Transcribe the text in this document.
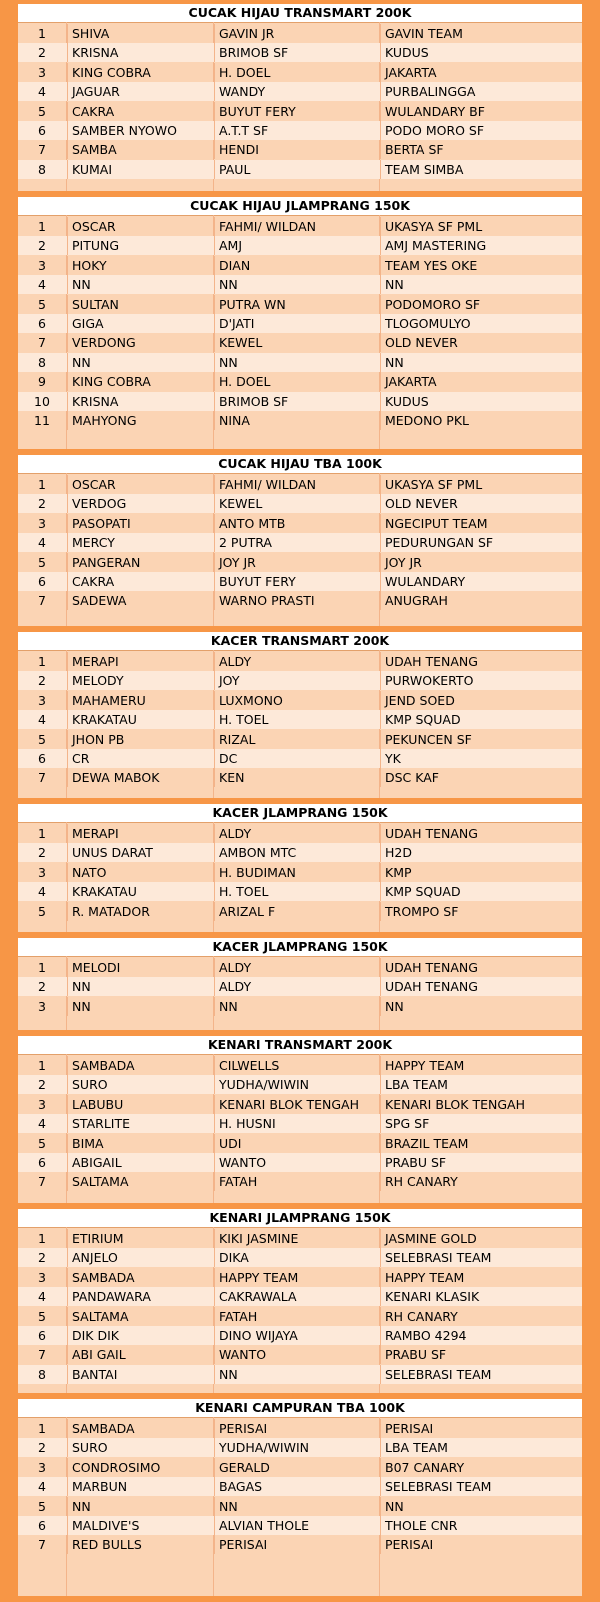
CUCAK HIJAU TRANSMART 200K
1	SHIVA	GAVIN JR	GAVIN TEAM
2	KRISNA	BRIMOB SF	KUDUS
3	KING COBRA	H. DOEL	JAKARTA
4	JAGUAR	WANDY	PURBALINGGA
5	CAKRA	BUYUT FERY	WULANDARY BF
6	SAMBER NYOWO	A.T.T SF	PODO MORO SF
7	SAMBA	HENDI	BERTA SF
8	KUMAI	PAUL	TEAM SIMBA
CUCAK HIJAU JLAMPRANG 150K
1	OSCAR	FAHMI/ WILDAN	UKASYA SF PML
2	PITUNG	AMJ	AMJ MASTERING
3	HOKY	DIAN	TEAM YES OKE
4	NN	NN	NN
5	SULTAN	PUTRA WN	PODOMORO SF
6	GIGA	D'JATI	TLOGOMULYO
7	VERDONG	KEWEL	OLD NEVER
8	NN	NN	NN
9	KING COBRA	H. DOEL	JAKARTA
10	KRISNA	BRIMOB SF	KUDUS
11	MAHYONG	NINA	MEDONO PKL
CUCAK HIJAU TBA 100K
1	OSCAR	FAHMI/ WILDAN	UKASYA SF PML
2	VERDOG	KEWEL	OLD NEVER
3	PASOPATI	ANTO MTB	NGECIPUT TEAM
4	MERCY	2 PUTRA	PEDURUNGAN SF
5	PANGERAN	JOY JR	JOY JR
6	CAKRA	BUYUT FERY	WULANDARY
7	SADEWA	WARNO PRASTI	ANUGRAH
KACER TRANSMART 200K
1	MERAPI	ALDY	UDAH TENANG
2	MELODY	JOY	PURWOKERTO
3	MAHAMERU	LUXMONO	JEND SOED
4	KRAKATAU	H. TOEL	KMP SQUAD
5	JHON PB	RIZAL	PEKUNCEN SF
6	CR	DC	YK
7	DEWA MABOK	KEN	DSC KAF
KACER JLAMPRANG 150K
1	MERAPI	ALDY	UDAH TENANG
2	UNUS DARAT	AMBON MTC	H2D
3	NATO	H. BUDIMAN	KMP
4	KRAKATAU	H. TOEL	KMP SQUAD
5	R. MATADOR	ARIZAL F	TROMPO SF
KACER JLAMPRANG 150K
1	MELODI	ALDY	UDAH TENANG
2	NN	ALDY	UDAH TENANG
3	NN	NN	NN
KENARI TRANSMART 200K
1	SAMBADA	CILWELLS	HAPPY TEAM
2	SURO	YUDHA/WIWIN	LBA TEAM
3	LABUBU	KENARI BLOK TENGAH	KENARI BLOK TENGAH
4	STARLITE	H. HUSNI	SPG SF
5	BIMA	UDI	BRAZIL TEAM
6	ABIGAIL	WANTO	PRABU SF
7	SALTAMA	FATAH	RH CANARY
KENARI JLAMPRANG 150K
1	ETIRIUM	KIKI JASMINE	JASMINE GOLD
2	ANJELO	DIKA	SELEBRASI TEAM
3	SAMBADA	HAPPY TEAM	HAPPY TEAM
4	PANDAWARA	CAKRAWALA	KENARI KLASIK
5	SALTAMA	FATAH	RH CANARY
6	DIK DIK	DINO WIJAYA	RAMBO 4294
7	ABI GAIL	WANTO	PRABU SF
8	BANTAI	NN	SELEBRASI TEAM
KENARI CAMPURAN TBA 100K
1	SAMBADA	PERISAI	PERISAI
2	SURO	YUDHA/WIWIN	LBA TEAM
3	CONDROSIMO	GERALD	B07 CANARY
4	MARBUN	BAGAS	SELEBRASI TEAM
5	NN	NN	NN
6	MALDIVE'S	ALVIAN THOLE	THOLE CNR
7	RED BULLS	PERISAI	PERISAI
